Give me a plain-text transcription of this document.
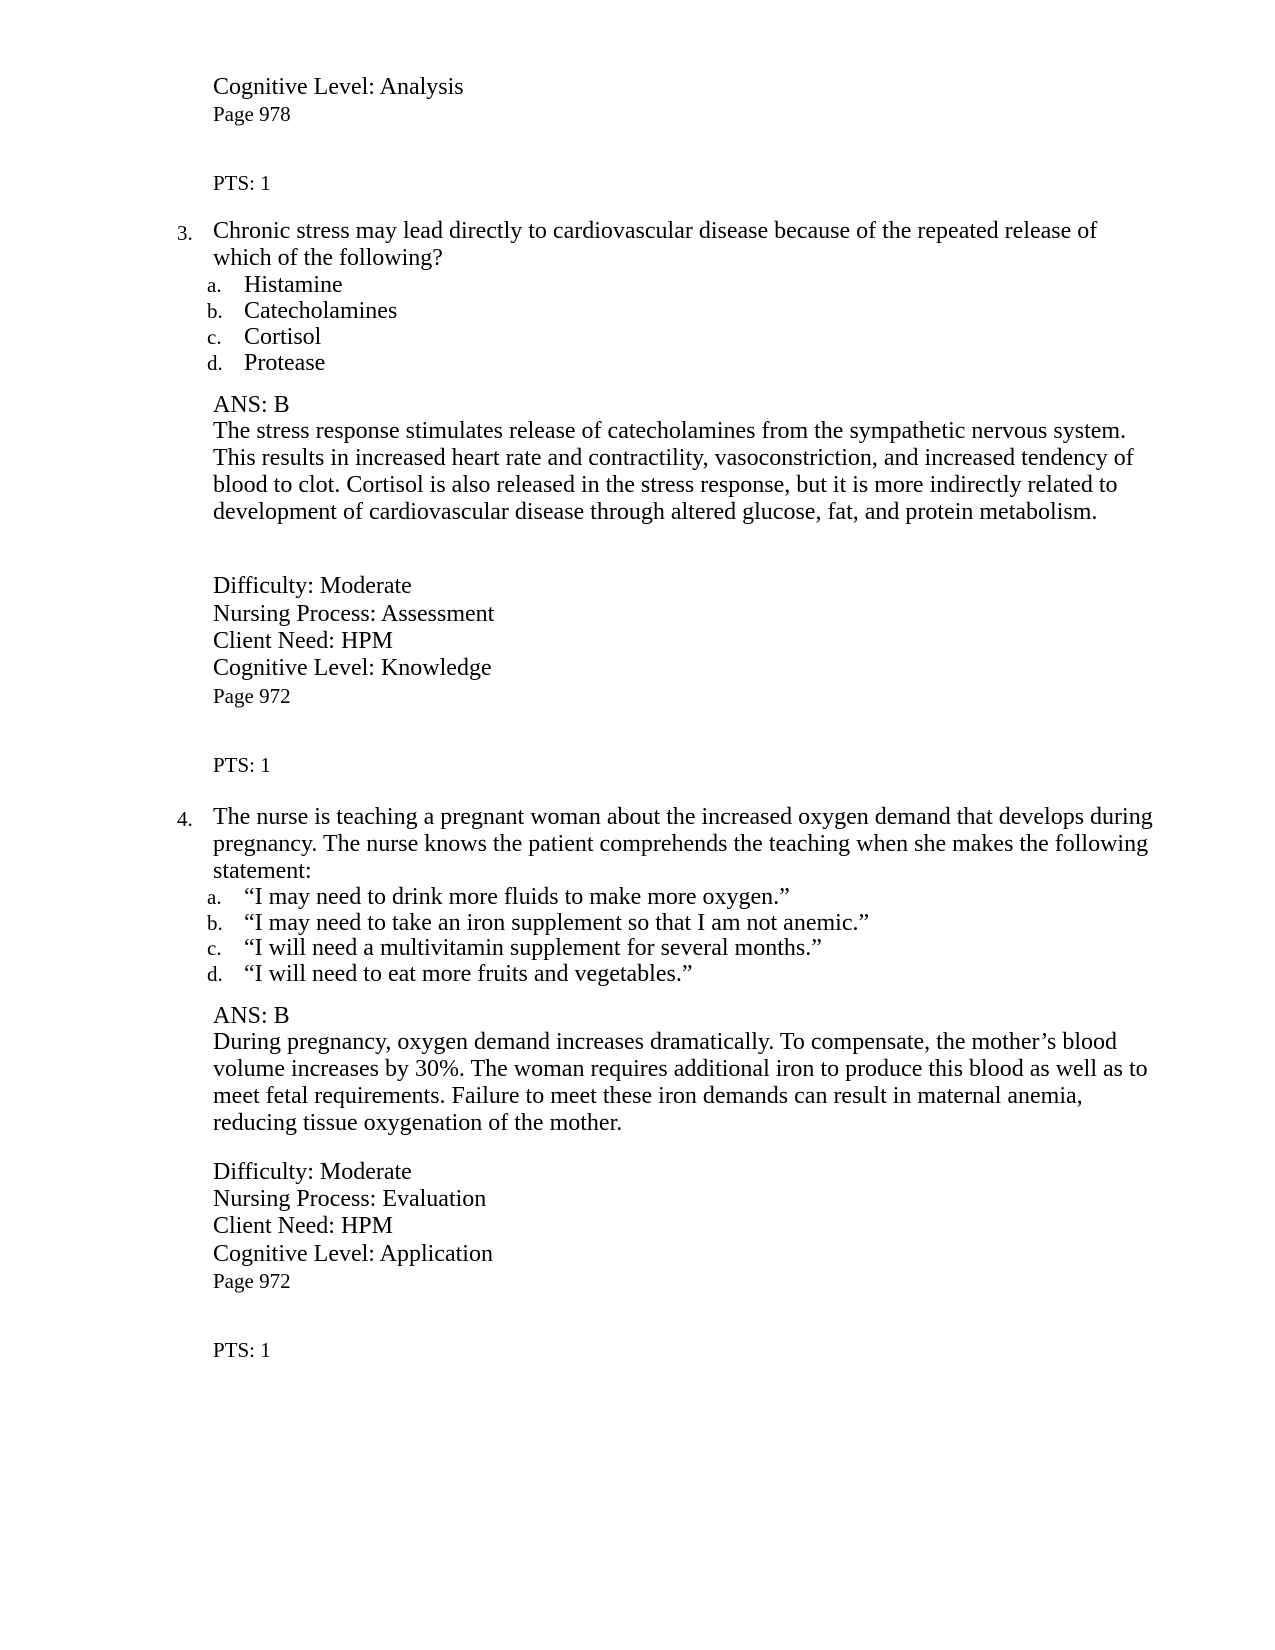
Cognitive Level: Analysis
Page 978
PTS: 1
3. Chronic stress may lead directly to cardiovascular disease because of the repeated release of which of the following?
a. Histamine
b. Catecholamines
c. Cortisol
d. Protease
ANS: B
The stress response stimulates release of catecholamines from the sympathetic nervous system. This results in increased heart rate and contractility, vasoconstriction, and increased tendency of blood to clot. Cortisol is also released in the stress response, but it is more indirectly related to development of cardiovascular disease through altered glucose, fat, and protein metabolism.
Difficulty: Moderate
Nursing Process: Assessment
Client Need: HPM
Cognitive Level: Knowledge
Page 972
PTS: 1
4. The nurse is teaching a pregnant woman about the increased oxygen demand that develops during pregnancy. The nurse knows the patient comprehends the teaching when she makes the following statement:
a. “I may need to drink more fluids to make more oxygen.”
b. “I may need to take an iron supplement so that I am not anemic.”
c. “I will need a multivitamin supplement for several months.”
d. “I will need to eat more fruits and vegetables.”
ANS: B
During pregnancy, oxygen demand increases dramatically. To compensate, the mother’s blood volume increases by 30%. The woman requires additional iron to produce this blood as well as to meet fetal requirements. Failure to meet these iron demands can result in maternal anemia, reducing tissue oxygenation of the mother.
Difficulty: Moderate
Nursing Process: Evaluation
Client Need: HPM
Cognitive Level: Application
Page 972
PTS: 1
